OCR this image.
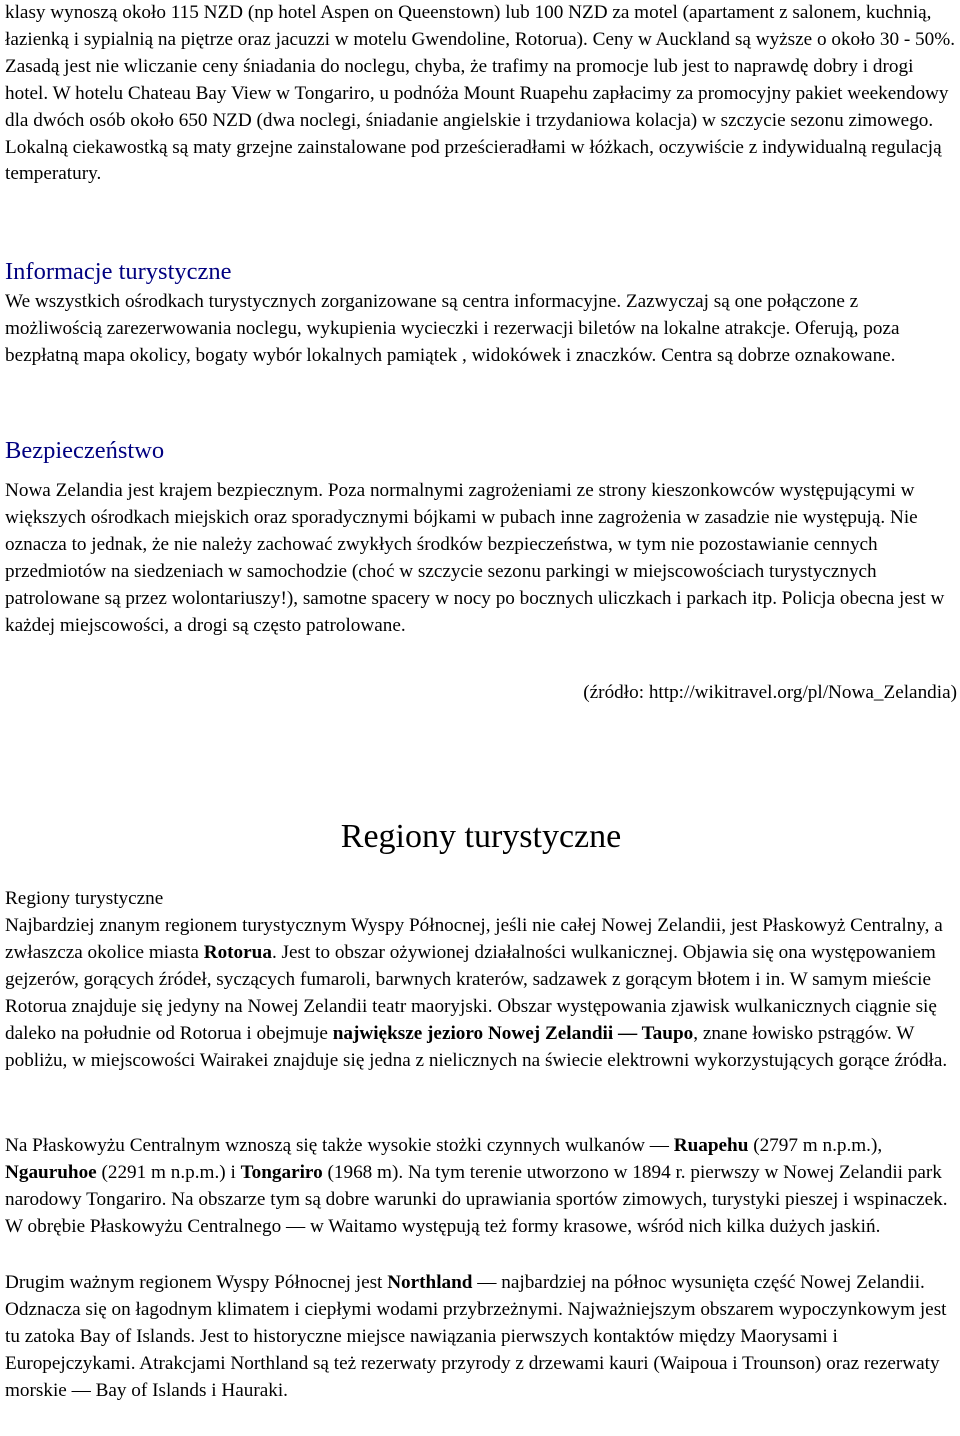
klasy wynoszą około 115 NZD (np hotel Aspen on Queenstown) lub 100 NZD za motel (apartament z salonem, kuchnią, łazienką i sypialnią na piętrze oraz jacuzzi w motelu Gwendoline, Rotorua). Ceny w Auckland są wyższe o około 30 - 50%. Zasadą jest nie wliczanie ceny śniadania do noclegu, chyba, że trafimy na promocje lub jest to naprawdę dobry i drogi hotel. W hotelu Chateau Bay View w Tongariro, u podnóża Mount Ruapehu zapłacimy za promocyjny pakiet weekendowy dla dwóch osób około 650 NZD (dwa noclegi, śniadanie angielskie i trzydaniowa kolacja) w szczycie sezonu zimowego. Lokalną ciekawostką są maty grzejne zainstalowane pod prześcieradłami w łóżkach, oczywiście z indywidualną regulacją temperatury.

Informacje turystyczne

We wszystkich ośrodkach turystycznych zorganizowane są centra informacyjne. Zazwyczaj są one połączone z możliwością zarezerwowania noclegu, wykupienia wycieczki i rezerwacji biletów na lokalne atrakcje. Oferują, poza bezpłatną mapa okolicy, bogaty wybór lokalnych pamiątek , widokówek i znaczków. Centra są dobrze oznakowane.

Bezpieczeństwo

Nowa Zelandia jest krajem bezpiecznym. Poza normalnymi zagrożeniami ze strony kieszonkowców występującymi w większych ośrodkach miejskich oraz sporadycznymi bójkami w pubach inne zagrożenia w zasadzie nie występują. Nie oznacza to jednak, że nie należy zachować zwykłych środków bezpieczeństwa, w tym nie pozostawianie cennych przedmiotów na siedzeniach w samochodzie (choć w szczycie sezonu parkingi w miejscowościach turystycznych patrolowane są przez wolontariuszy!), samotne spacery w nocy po bocznych uliczkach i parkach itp. Policja obecna jest w każdej miejscowości, a drogi są często patrolowane.

(źródło: http://wikitravel.org/pl/Nowa_Zelandia)

Regiony turystyczne

Regiony turystyczne

Najbardziej znanym regionem turystycznym Wyspy Północnej, jeśli nie całej Nowej Zelandii, jest Płaskowyż Centralny, a zwłaszcza okolice miasta Rotorua. Jest to obszar ożywionej działalności wulkanicznej. Objawia się ona występowaniem gejzerów, gorących źródeł, syczących fumaroli, barwnych kraterów, sadzawek z gorącym błotem i in. W samym mieście Rotorua znajduje się jedyny na Nowej Zelandii teatr maoryjski. Obszar występowania zjawisk wulkanicznych ciągnie się daleko na południe od Rotorua i obejmuje największe jezioro Nowej Zelandii — Taupo, znane łowisko pstrągów. W pobliżu, w miejscowości Wairakei znajduje się jedna z nielicznych na świecie elektrowni wykorzystujących gorące źródła.

Na Płaskowyżu Centralnym wznoszą się także wysokie stożki czynnych wulkanów — Ruapehu (2797 m n.p.m.), Ngauruhoe (2291 m n.p.m.) i Tongariro (1968 m). Na tym terenie utworzono w 1894 r. pierwszy w Nowej Zelandii park narodowy Tongariro. Na obszarze tym są dobre warunki do uprawiania sportów zimowych, turystyki pieszej i wspinaczek. W obrębie Płaskowyżu Centralnego — w Waitamo występują też formy krasowe, wśród nich kilka dużych jaskiń.

Drugim ważnym regionem Wyspy Północnej jest Northland — najbardziej na północ wysunięta część Nowej Zelandii. Odznacza się on łagodnym klimatem i ciepłymi wodami przybrzeżnymi. Najważniejszym obszarem wypoczynkowym jest tu zatoka Bay of Islands. Jest to historyczne miejsce nawiązania pierwszych kontaktów między Maorysami i Europejczykami. Atrakcjami Northland są też rezerwaty przyrody z drzewami kauri (Waipoua i Trounson) oraz rezerwaty morskie — Bay of Islands i Hauraki.
